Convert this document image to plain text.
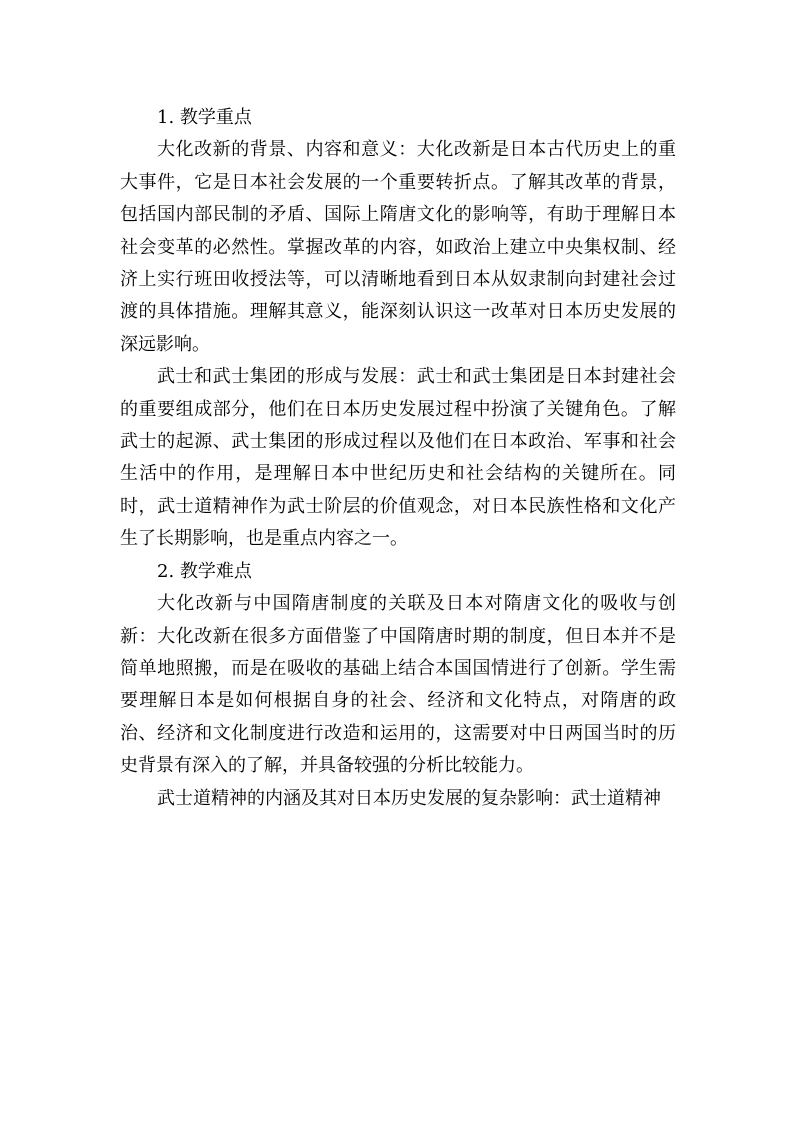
1. 教学重点

大化改新的背景、内容和意义：大化改新是日本古代历史上的重大事件，它是日本社会发展的一个重要转折点。了解其改革的背景，包括国内部民制的矛盾、国际上隋唐文化的影响等，有助于理解日本社会变革的必然性。掌握改革的内容，如政治上建立中央集权制、经济上实行班田收授法等，可以清晰地看到日本从奴隶制向封建社会过渡的具体措施。理解其意义，能深刻认识这一改革对日本历史发展的深远影响。

武士和武士集团的形成与发展：武士和武士集团是日本封建社会的重要组成部分，他们在日本历史发展过程中扮演了关键角色。了解武士的起源、武士集团的形成过程以及他们在日本政治、军事和社会生活中的作用，是理解日本中世纪历史和社会结构的关键所在。同时，武士道精神作为武士阶层的价值观念，对日本民族性格和文化产生了长期影响，也是重点内容之一。

2. 教学难点

大化改新与中国隋唐制度的关联及日本对隋唐文化的吸收与创新：大化改新在很多方面借鉴了中国隋唐时期的制度，但日本并不是简单地照搬，而是在吸收的基础上结合本国国情进行了创新。学生需要理解日本是如何根据自身的社会、经济和文化特点，对隋唐的政治、经济和文化制度进行改造和运用的，这需要对中日两国当时的历史背景有深入的了解，并具备较强的分析比较能力。

武士道精神的内涵及其对日本历史发展的复杂影响：武士道精神
